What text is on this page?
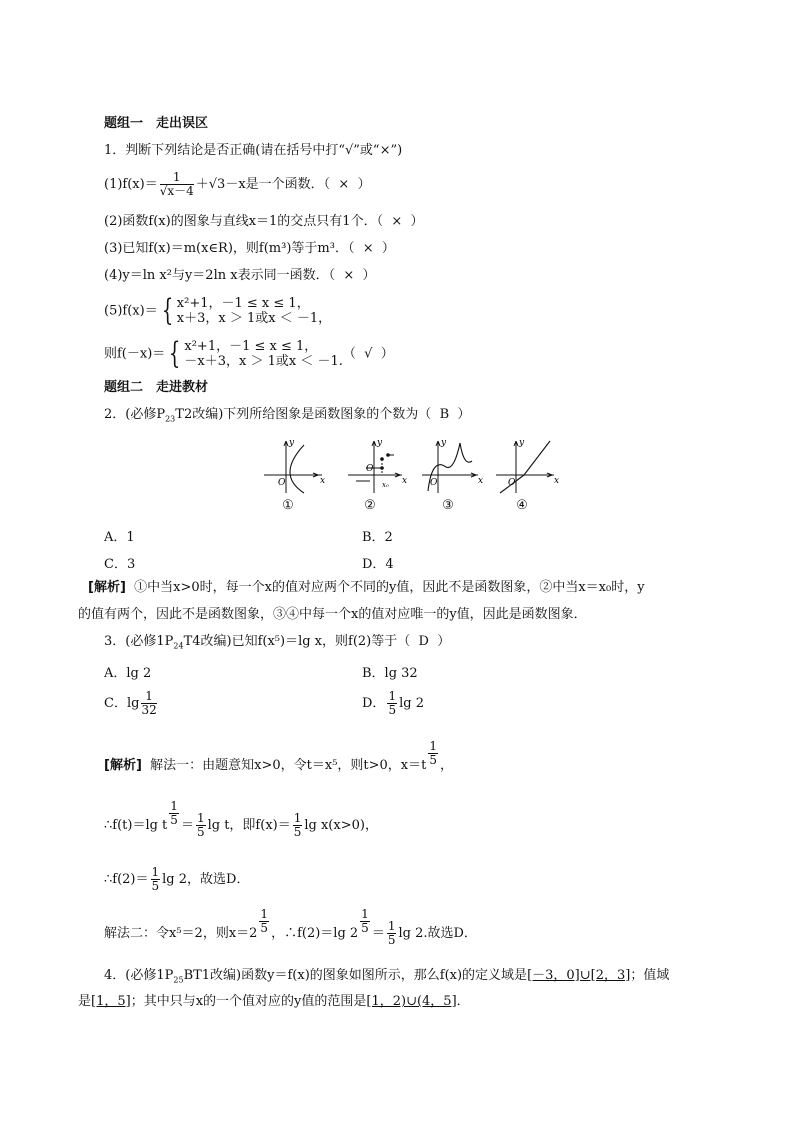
题组一　走出误区
1．判断下列结论是否正确(请在括号中打“√”或“×”)
$(1)f(x)= \frac{1}{√x-4} +√3-x$是一个函数．（ × ）
(2)函数f(x)的图象与直线x＝1的交点只有1个．（ × ）
(3)已知f(x)＝m(x∈R)，则f(m³)等于m³．（ × ）
(4)y＝ln x²与y＝2ln x表示同一函数．（ × ）
(5)f(x)＝ { x²+1，－1 ≤ x ≤ 1，
x＋3，x ＞ 1或x ＜ －1，
则f(－x)＝ { x²+1，－1 ≤ x ≤ 1，
－x＋3，x ＞ 1或x ＜ －1. （ √ ）
题组二　走进教材
2．(必修$P_{23}T2$改编)下列所给图象是函数图象的个数为（ B ）
x
y
O	x
y
O
x₀	x
y
O	x
y
O
①	②	③	④
A．1	B．2
C．3	D．4
[解析] ①中当x>0时，每一个x的值对应两个不同的y值，因此不是函数图象，②中当x＝x₀时，y
的值有两个，因此不是函数图象，③④中每一个x的值对应唯一的y值，因此是函数图象．
3．(必修$1P_{24}T4$改编)已知f(x⁵)＝lg x，则f(2)等于（ D ）
A．lg 2	B．lg 32
C．$\lg \frac{1}{32}$	D． $\frac{1}{5}$ lg 2
[解析] 解法一：由题意知x>0，令t＝x⁵，则t>0，$x=t \frac{1}{5}$ ，
∴f(t)＝lg t $\frac{1}{5} = \frac{1}{5}$ lg t，即$f(x)= \frac{1}{5}$ lg x(x>0)，
∴f(2)＝ $\frac{1}{5}$ lg 2，故选D．
解法二：令x⁵＝2，则$x=2 \frac{1}{5}$ ，∴f(2)＝lg $2 \frac{1}{5} = \frac{1}{5}$ lg 2.故选D．
4．(必修$1P_{25}BT1$改编)函数y＝f(x)的图象如图所示，那么f(x)的定义域是[－3，0]∪[2，3]；值域
是[1，5]；其中只与x的一个值对应的y值的范围是[1，2)∪(4，5]．
